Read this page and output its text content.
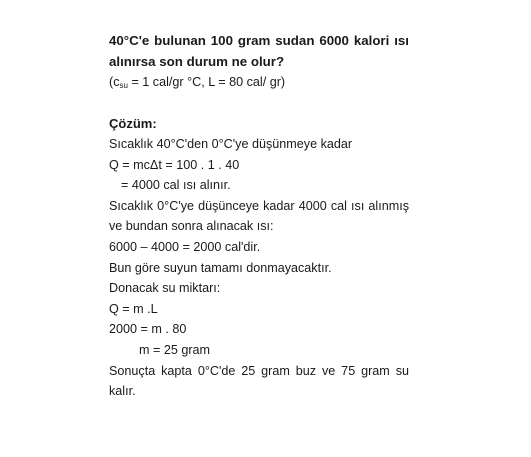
40°C'e bulunan 100 gram sudan 6000 kalori ısı
alınırsa son durum ne olur?
($c_{su} = 1$ cal/gr °C, L = 80 cal/ gr)
Çözüm:
Sıcaklık 40°C'den 0°C'ye düşünmeye kadar
Q = mcΔt = 100 . 1 . 40
= 4000 cal ısı alınır.
Sıcaklık 0°C'ye düşünceye kadar 4000 cal ısı alınmış
ve bundan sonra alınacak ısı:
6000 – 4000 = 2000 cal'dir.
Bun göre suyun tamamı donmayacaktır.
Donacak su miktarı:
Q = m .L
2000 = m . 80
m = 25 gram
Sonuçta kapta 0°C'de 25 gram buz ve 75 gram su
kalır.
